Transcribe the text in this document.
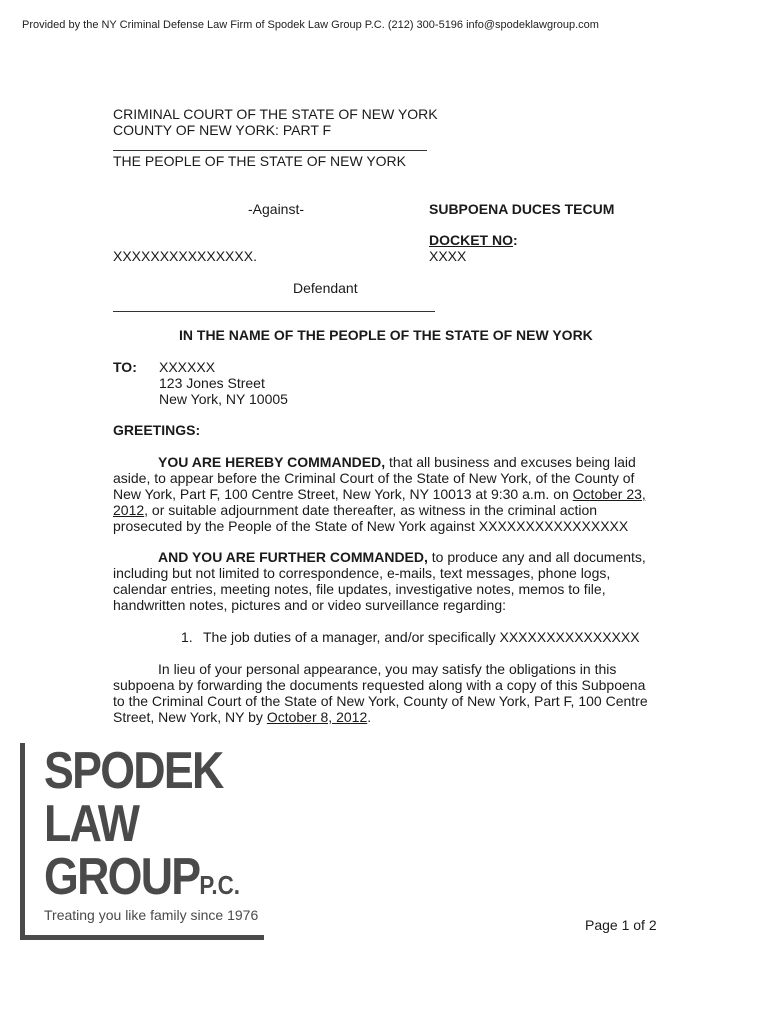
Provided by the NY Criminal Defense Law Firm of Spodek Law Group P.C. (212) 300-5196 info@spodeklawgroup.com
CRIMINAL COURT OF THE STATE OF NEW YORK
COUNTY OF NEW YORK: PART F
THE PEOPLE OF THE STATE OF NEW YORK
-Against-	SUBPOENA DUCES TECUM
DOCKET NO:
XXXXXXXXXXXXXXX.	XXXX
Defendant
IN THE NAME OF THE PEOPLE OF THE STATE OF NEW YORK
TO: XXXXXX
123 Jones Street
New York, NY 10005
GREETINGS:
YOU ARE HEREBY COMMANDED, that all business and excuses being laid aside, to appear before the Criminal Court of the State of New York, of the County of New York, Part F, 100 Centre Street, New York, NY 10013 at 9:30 a.m. on October 23, 2012, or suitable adjournment date thereafter, as witness in the criminal action prosecuted by the People of the State of New York against XXXXXXXXXXXXXXXX
AND YOU ARE FURTHER COMMANDED, to produce any and all documents, including but not limited to correspondence, e-mails, text messages, phone logs, calendar entries, meeting notes, file updates, investigative notes, memos to file, handwritten notes, pictures and or video surveillance regarding:
1. The job duties of a manager, and/or specifically XXXXXXXXXXXXXXX
In lieu of your personal appearance, you may satisfy the obligations in this subpoena by forwarding the documents requested along with a copy of this Subpoena to the Criminal Court of the State of New York, County of New York, Part F, 100 Centre Street, New York, NY by October 8, 2012.
SPODEK
LAW
GROUPP.C.
Treating you like family since 1976
Page 1 of 2
